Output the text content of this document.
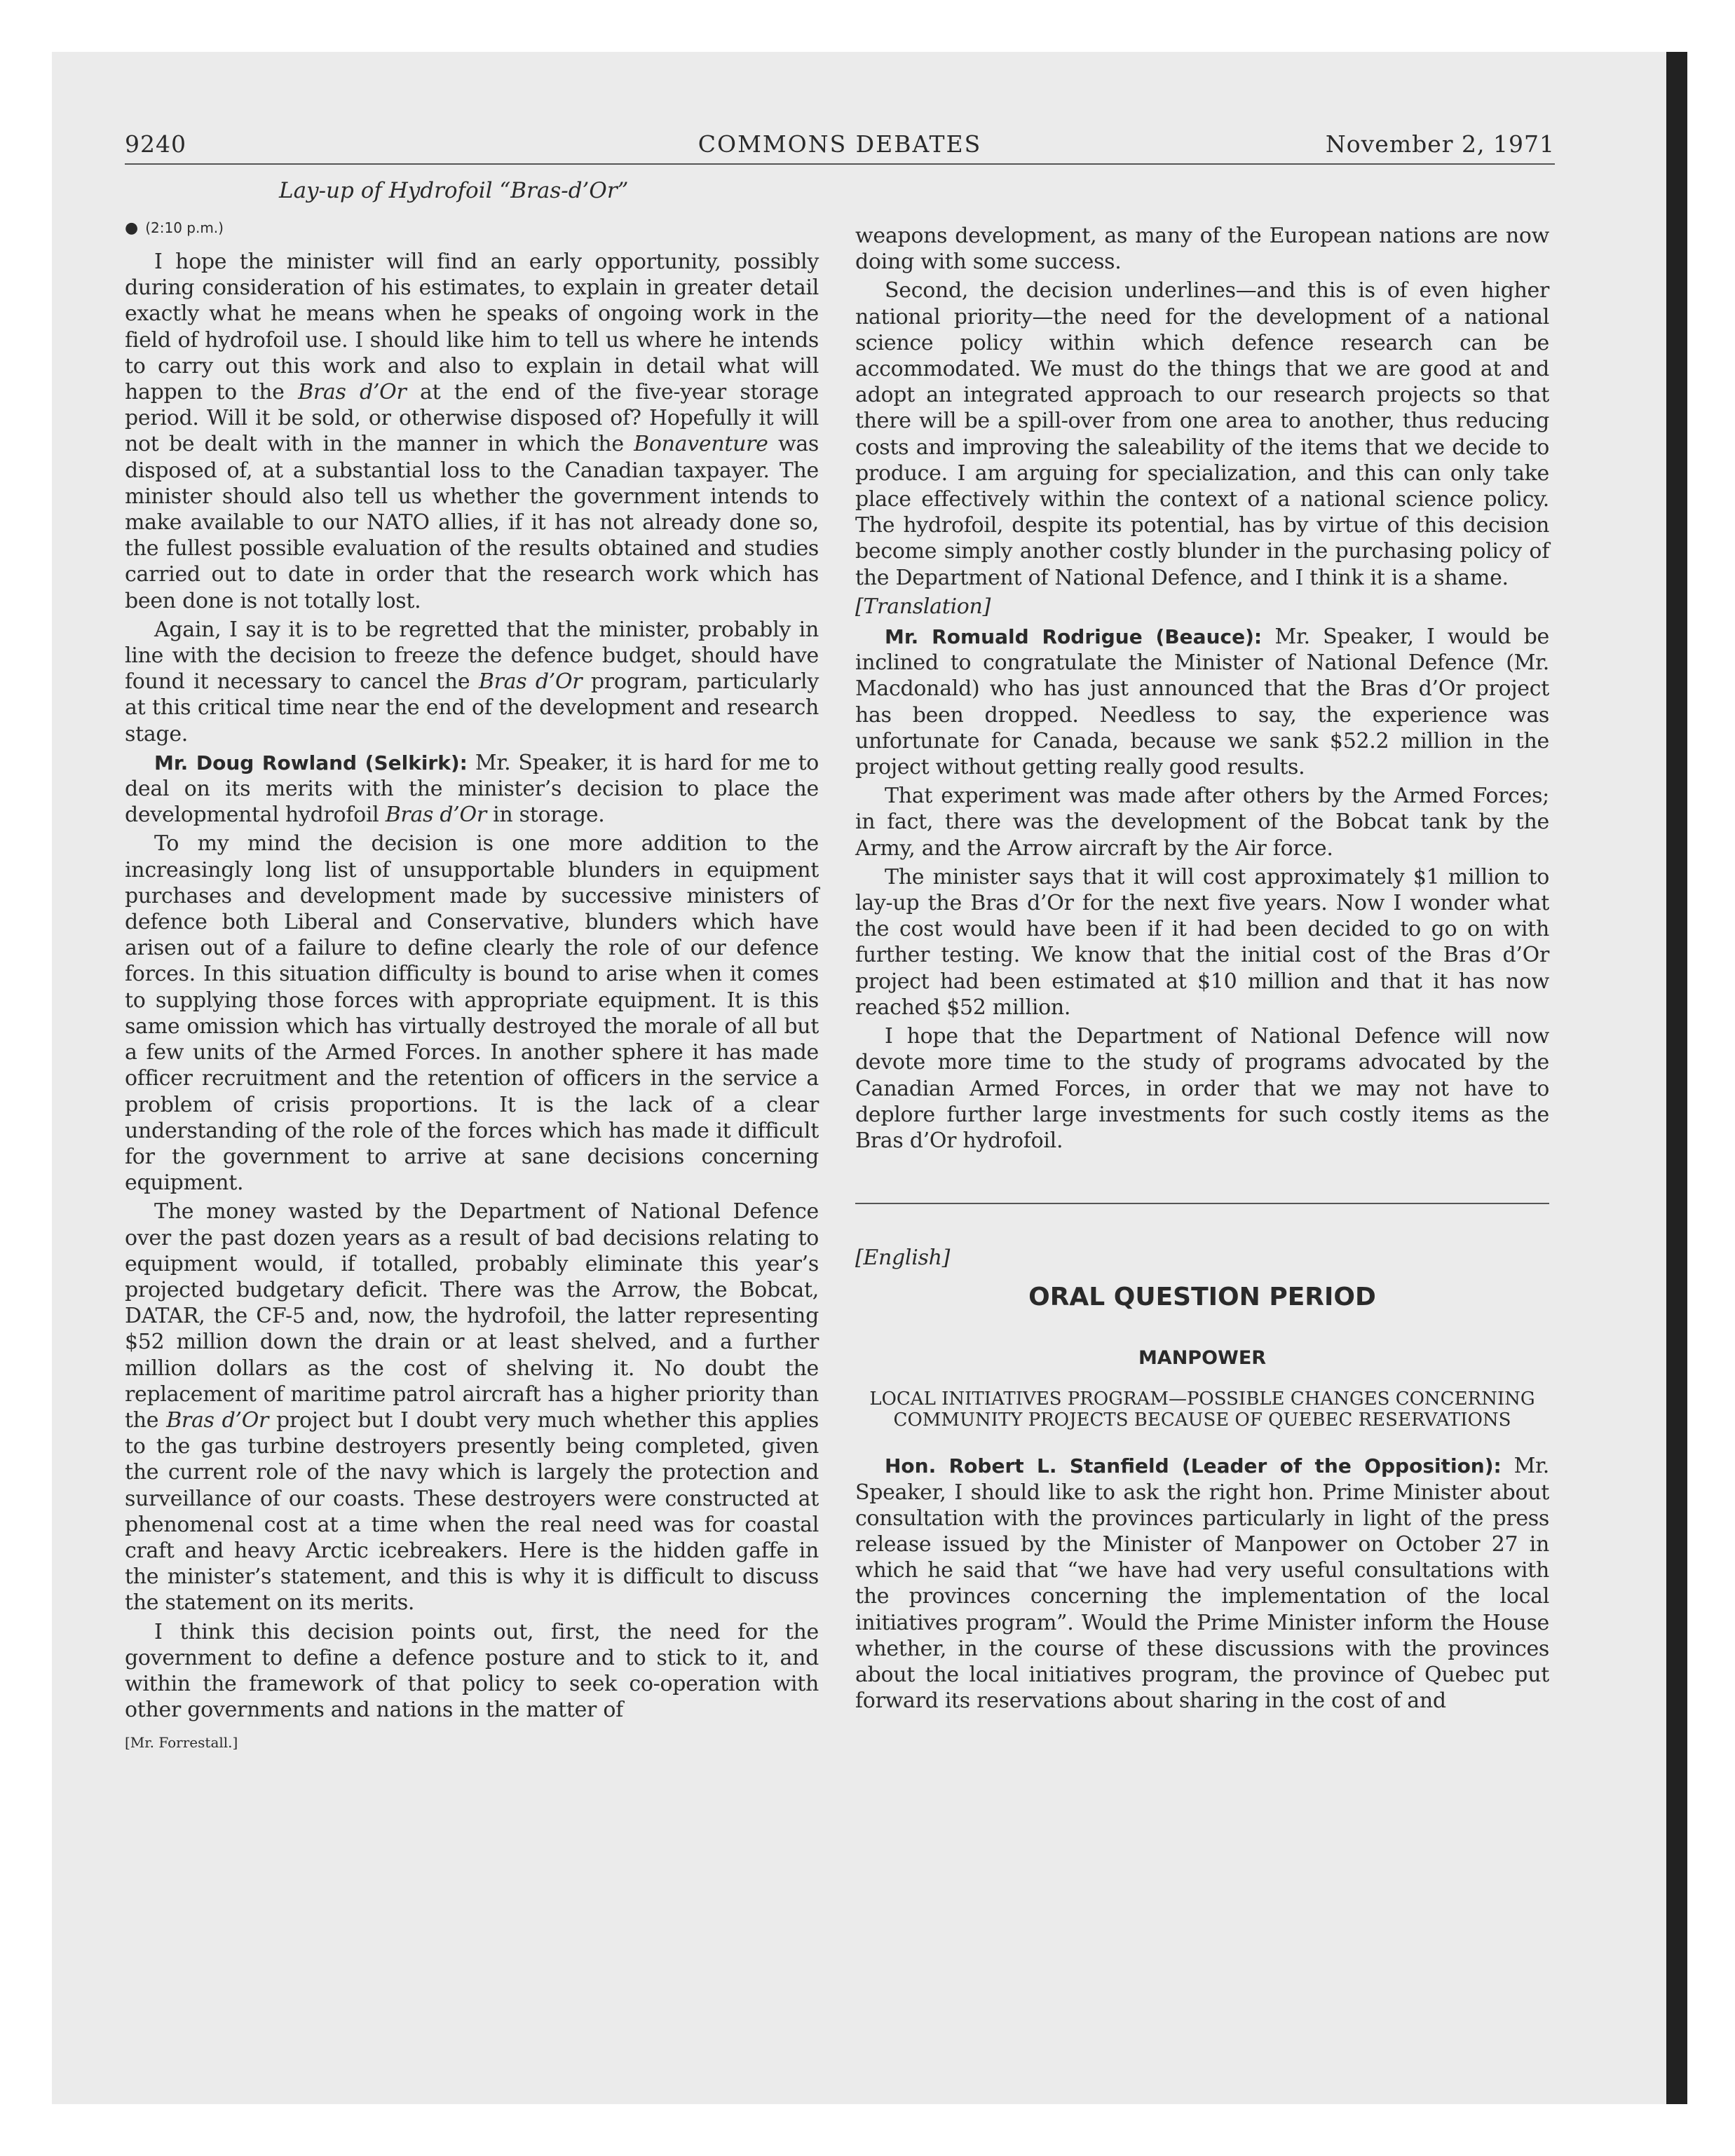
9240	COMMONS DEBATES	November 2, 1971
Lay-up of Hydrofoil “Bras-d’Or”
● (2:10 p.m.)

I hope the minister will find an early opportunity, possibly during consideration of his estimates, to explain in greater detail exactly what he means when he speaks of ongoing work in the field of hydrofoil use. I should like him to tell us where he intends to carry out this work and also to explain in detail what will happen to the Bras d’Or at the end of the five-year storage period. Will it be sold, or otherwise disposed of? Hopefully it will not be dealt with in the manner in which the Bonaventure was disposed of, at a substantial loss to the Canadian taxpayer. The minister should also tell us whether the government intends to make available to our NATO allies, if it has not already done so, the fullest possible evaluation of the results obtained and studies carried out to date in order that the research work which has been done is not totally lost.

Again, I say it is to be regretted that the minister, probably in line with the decision to freeze the defence budget, should have found it necessary to cancel the Bras d’Or program, particularly at this critical time near the end of the development and research stage.

Mr. Doug Rowland (Selkirk): Mr. Speaker, it is hard for me to deal on its merits with the minister’s decision to place the developmental hydrofoil Bras d’Or in storage.

To my mind the decision is one more addition to the increasingly long list of unsupportable blunders in equipment purchases and development made by successive ministers of defence both Liberal and Conservative, blunders which have arisen out of a failure to define clearly the role of our defence forces. In this situation difficulty is bound to arise when it comes to supplying those forces with appropriate equipment. It is this same omission which has virtually destroyed the morale of all but a few units of the Armed Forces. In another sphere it has made officer recruitment and the retention of officers in the service a problem of crisis proportions. It is the lack of a clear understanding of the role of the forces which has made it difficult for the government to arrive at sane decisions concerning equipment.

The money wasted by the Department of National Defence over the past dozen years as a result of bad decisions relating to equipment would, if totalled, probably eliminate this year’s projected budgetary deficit. There was the Arrow, the Bobcat, DATAR, the CF-5 and, now, the hydrofoil, the latter representing $52 million down the drain or at least shelved, and a further million dollars as the cost of shelving it. No doubt the replacement of maritime patrol aircraft has a higher priority than the Bras d’Or project but I doubt very much whether this applies to the gas turbine destroyers presently being completed, given the current role of the navy which is largely the protection and surveillance of our coasts. These destroyers were constructed at phenomenal cost at a time when the real need was for coastal craft and heavy Arctic icebreakers. Here is the hidden gaffe in the minister’s statement, and this is why it is difficult to discuss the statement on its merits.

I think this decision points out, first, the need for the government to define a defence posture and to stick to it, and within the framework of that policy to seek co-operation with other governments and nations in the matter of

[Mr. Forrestall.]

weapons development, as many of the European nations are now doing with some success.

Second, the decision underlines—and this is of even higher national priority—the need for the development of a national science policy within which defence research can be accommodated. We must do the things that we are good at and adopt an integrated approach to our research projects so that there will be a spill-over from one area to another, thus reducing costs and improving the saleability of the items that we decide to produce. I am arguing for specialization, and this can only take place effectively within the context of a national science policy. The hydrofoil, despite its potential, has by virtue of this decision become simply another costly blunder in the purchasing policy of the Department of National Defence, and I think it is a shame.

[Translation]

Mr. Romuald Rodrigue (Beauce): Mr. Speaker, I would be inclined to congratulate the Minister of National Defence (Mr. Macdonald) who has just announced that the Bras d’Or project has been dropped. Needless to say, the experience was unfortunate for Canada, because we sank $52.2 million in the project without getting really good results.

That experiment was made after others by the Armed Forces; in fact, there was the development of the Bobcat tank by the Army, and the Arrow aircraft by the Air force.

The minister says that it will cost approximately $1 million to lay-up the Bras d’Or for the next five years. Now I wonder what the cost would have been if it had been decided to go on with further testing. We know that the initial cost of the Bras d’Or project had been estimated at $10 million and that it has now reached $52 million.

I hope that the Department of National Defence will now devote more time to the study of programs advocated by the Canadian Armed Forces, in order that we may not have to deplore further large investments for such costly items as the Bras d’Or hydrofoil.

[English]

ORAL QUESTION PERIOD
MANPOWER
LOCAL INITIATIVES PROGRAM—POSSIBLE CHANGES CONCERNING COMMUNITY PROJECTS BECAUSE OF QUEBEC RESERVATIONS

Hon. Robert L. Stanfield (Leader of the Opposition): Mr. Speaker, I should like to ask the right hon. Prime Minister about consultation with the provinces particularly in light of the press release issued by the Minister of Manpower on October 27 in which he said that “we have had very useful consultations with the provinces concerning the implementation of the local initiatives program”. Would the Prime Minister inform the House whether, in the course of these discussions with the provinces about the local initiatives program, the province of Quebec put forward its reservations about sharing in the cost of and
